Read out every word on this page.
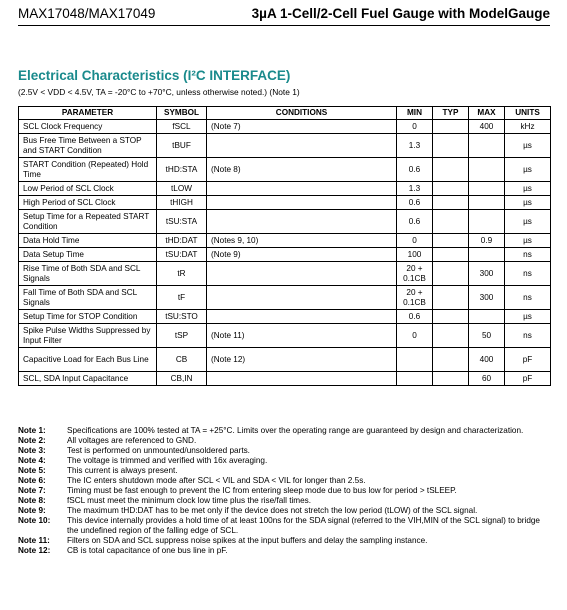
MAX17048/MAX17049	3µA 1-Cell/2-Cell Fuel Gauge with ModelGauge
Electrical Characteristics (I²C INTERFACE)
(2.5V < VDD < 4.5V, TA = -20°C to +70°C, unless otherwise noted.) (Note 1)
PARAMETER	SYMBOL	CONDITIONS	MIN	TYP	MAX	UNITS
SCL Clock Frequency	fSCL	(Note 7)	0		400	kHz
Bus Free Time Between a STOP and START Condition	tBUF		1.3			µs
START Condition (Repeated) Hold Time	tHD:STA	(Note 8)	0.6			µs
Low Period of SCL Clock	tLOW		1.3			µs
High Period of SCL Clock	tHIGH		0.6			µs
Setup Time for a Repeated START Condition	tSU:STA		0.6			µs
Data Hold Time	tHD:DAT	(Notes 9, 10)	0		0.9	µs
Data Setup Time	tSU:DAT	(Note 9)	100			ns
Rise Time of Both SDA and SCL Signals	tR		20 + 0.1CB		300	ns
Fall Time of Both SDA and SCL Signals	tF		20 + 0.1CB		300	ns
Setup Time for STOP Condition	tSU:STO		0.6			µs
Spike Pulse Widths Suppressed by Input Filter	tSP	(Note 11)	0		50	ns
Capacitive Load for Each Bus Line	CB	(Note 12)			400	pF
SCL, SDA Input Capacitance	CB,IN				60	pF
Note 1:	Specifications are 100% tested at TA = +25°C. Limits over the operating range are guaranteed by design and characterization.
Note 2:	All voltages are referenced to GND.
Note 3:	Test is performed on unmounted/unsoldered parts.
Note 4:	The voltage is trimmed and verified with 16x averaging.
Note 5:	This current is always present.
Note 6:	The IC enters shutdown mode after SCL < VIL and SDA < VIL for longer than 2.5s.
Note 7:	Timing must be fast enough to prevent the IC from entering sleep mode due to bus low for period > tSLEEP.
Note 8:	fSCL must meet the minimum clock low time plus the rise/fall times.
Note 9:	The maximum tHD:DAT has to be met only if the device does not stretch the low period (tLOW) of the SCL signal.
Note 10:	This device internally provides a hold time of at least 100ns for the SDA signal (referred to the VIH,MIN of the SCL signal) to bridge the undefined region of the falling edge of SCL.
Note 11:	Filters on SDA and SCL suppress noise spikes at the input buffers and delay the sampling instance.
Note 12:	CB is total capacitance of one bus line in pF.
